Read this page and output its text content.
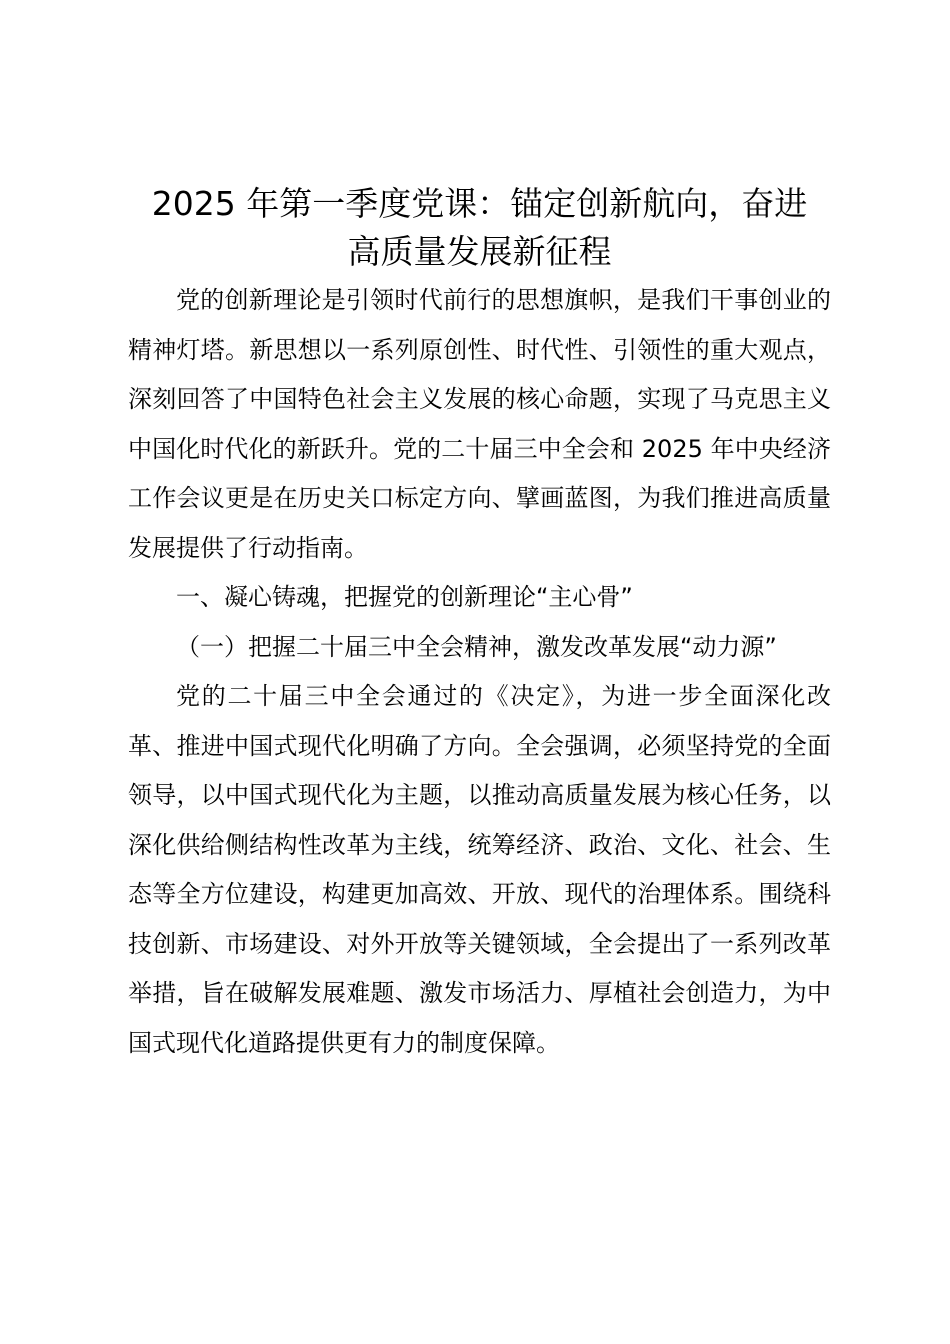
2025 年第一季度党课：锚定创新航向，奋进
高质量发展新征程

党的创新理论是引领时代前行的思想旗帜，是我们干事创业的精神灯塔。新思想以一系列原创性、时代性、引领性的重大观点，深刻回答了中国特色社会主义发展的核心命题，实现了马克思主义中国化时代化的新跃升。党的二十届三中全会和 2025 年中央经济工作会议更是在历史关口标定方向、擘画蓝图，为我们推进高质量发展提供了行动指南。

一、凝心铸魂，把握党的创新理论“主心骨”

（一）把握二十届三中全会精神，激发改革发展“动力源”

党的二十届三中全会通过的《决定》，为进一步全面深化改革、推进中国式现代化明确了方向。全会强调，必须坚持党的全面领导，以中国式现代化为主题，以推动高质量发展为核心任务，以深化供给侧结构性改革为主线，统筹经济、政治、文化、社会、生态等全方位建设，构建更加高效、开放、现代的治理体系。围绕科技创新、市场建设、对外开放等关键领域，全会提出了一系列改革举措，旨在破解发展难题、激发市场活力、厚植社会创造力，为中国式现代化道路提供更有力的制度保障。
